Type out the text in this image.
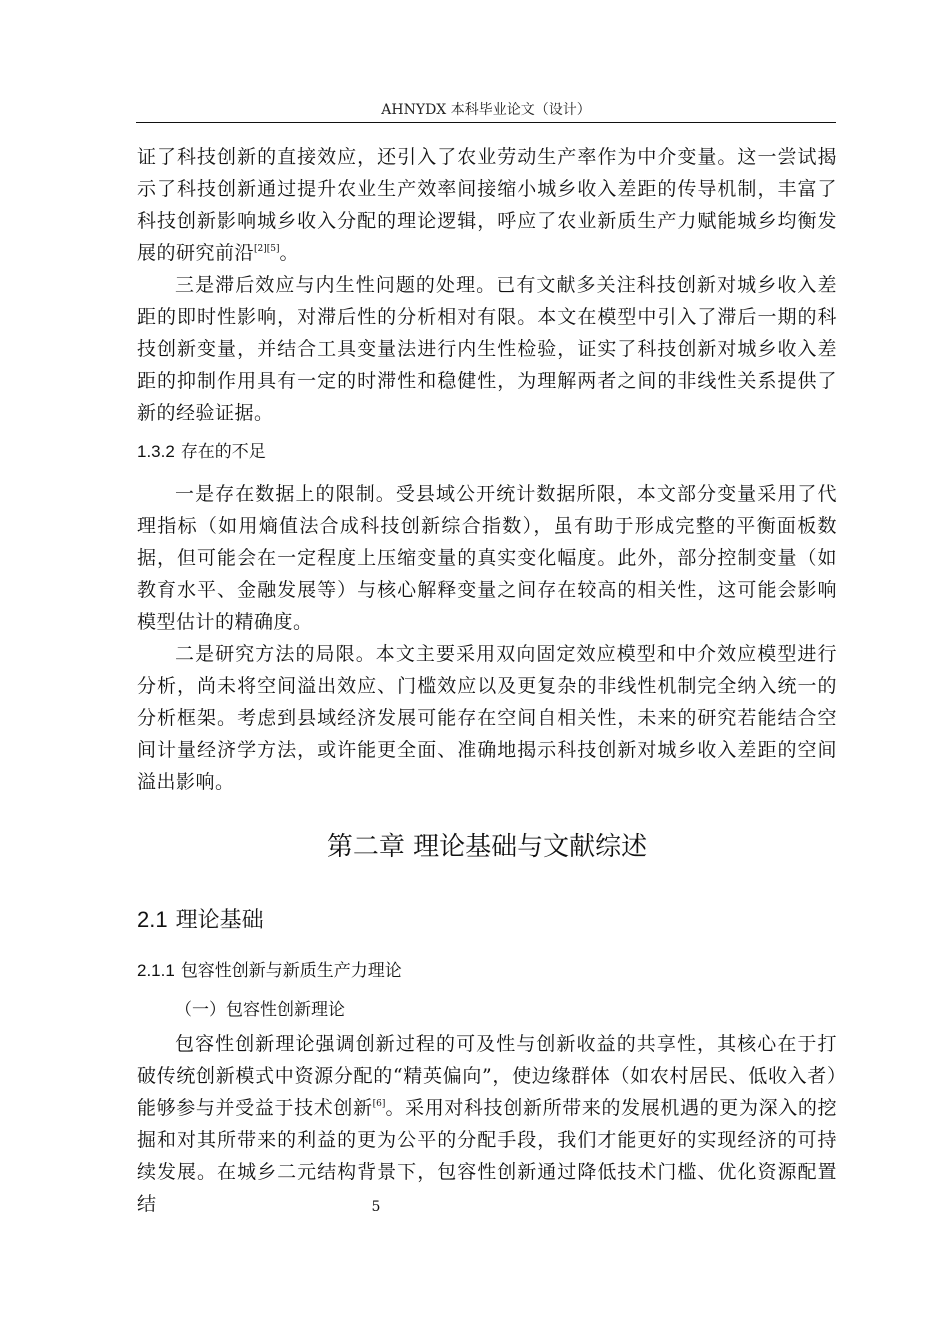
AHNYDX 本科毕业论文（设计）

证了科技创新的直接效应，还引入了农业劳动生产率作为中介变量。这一尝试揭示了科技创新通过提升农业生产效率间接缩小城乡收入差距的传导机制，丰富了科技创新影响城乡收入分配的理论逻辑，呼应了农业新质生产力赋能城乡均衡发展的研究前沿[2][5]。

三是滞后效应与内生性问题的处理。已有文献多关注科技创新对城乡收入差距的即时性影响，对滞后性的分析相对有限。本文在模型中引入了滞后一期的科技创新变量，并结合工具变量法进行内生性检验，证实了科技创新对城乡收入差距的抑制作用具有一定的时滞性和稳健性，为理解两者之间的非线性关系提供了新的经验证据。

1.3.2 存在的不足

一是存在数据上的限制。受县域公开统计数据所限，本文部分变量采用了代理指标（如用熵值法合成科技创新综合指数），虽有助于形成完整的平衡面板数据，但可能会在一定程度上压缩变量的真实变化幅度。此外，部分控制变量（如教育水平、金融发展等）与核心解释变量之间存在较高的相关性，这可能会影响模型估计的精确度。

二是研究方法的局限。本文主要采用双向固定效应模型和中介效应模型进行分析，尚未将空间溢出效应、门槛效应以及更复杂的非线性机制完全纳入统一的分析框架。考虑到县域经济发展可能存在空间自相关性，未来的研究若能结合空间计量经济学方法，或许能更全面、准确地揭示科技创新对城乡收入差距的空间溢出影响。

第二章 理论基础与文献综述
2.1 理论基础
2.1.1 包容性创新与新质生产力理论
（一）包容性创新理论

包容性创新理论强调创新过程的可及性与创新收益的共享性，其核心在于打破传统创新模式中资源分配的“精英偏向”，使边缘群体（如农村居民、低收入者）能够参与并受益于技术创新[6]。采用对科技创新所带来的发展机遇的更为深入的挖掘和对其所带来的利益的更为公平的分配手段，我们才能更好的实现经济的可持续发展。在城乡二元结构背景下，包容性创新通过降低技术门槛、优化资源配置结	5
